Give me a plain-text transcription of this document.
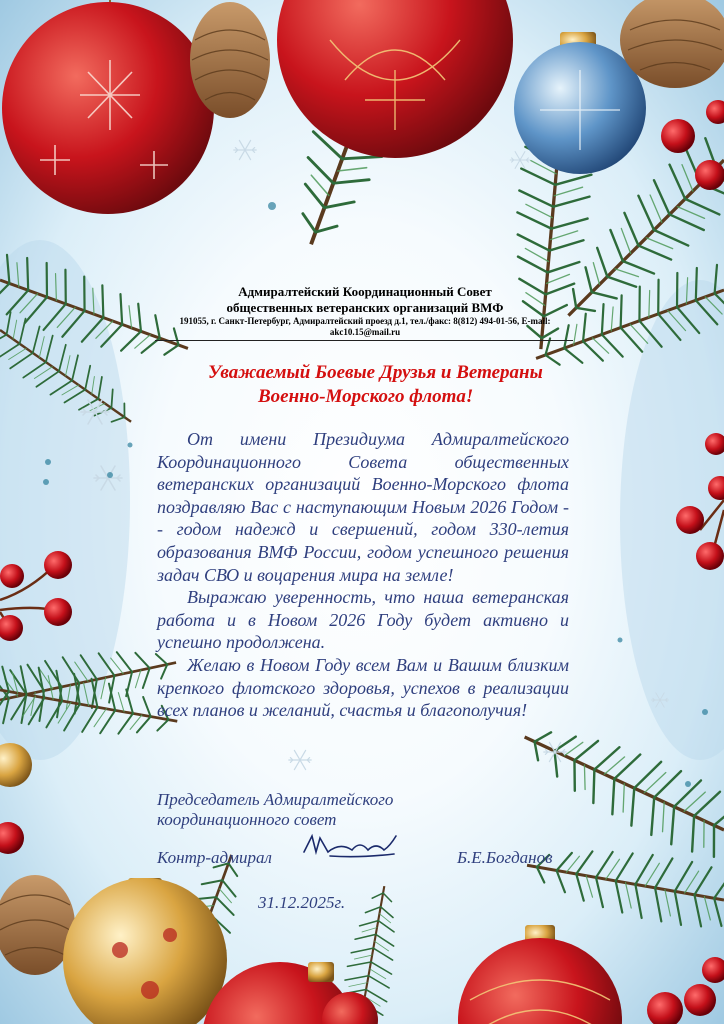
Адмиралтейский Координационный Совет
общественных ветеранских организаций ВМФ
191055, г. Санкт-Петербург, Адмиралтейский проезд д.1, тел./факс: 8(812) 494-01-56, E-mail:
akc10.15@mail.ru
Уважаемый Боевые Друзья и Ветераны
Военно-Морского флота!

От имени Президиума Адмиралтейского Координационного Совета общественных ветеранских организаций Военно-Морского флота поздравляю Вас с наступающим Новым 2026 Годом - - годом надежд и свершений, годом 330-летия образования ВМФ России, годом успешного решения задач СВО и воцарения мира на земле!

Выражаю уверенность, что наша ветеранская работа и в Новом 2026 Году будет активно и успешно продолжена.

Желаю в Новом Году всем Вам и Вашим близким крепкого флотского здоровья, успехов в реализации всех планов и желаний, счастья и благополучия!

Председатель Адмиралтейского
координационного совет
Контр-адмирал	Б.Е.Богданов
31.12.2025г.
